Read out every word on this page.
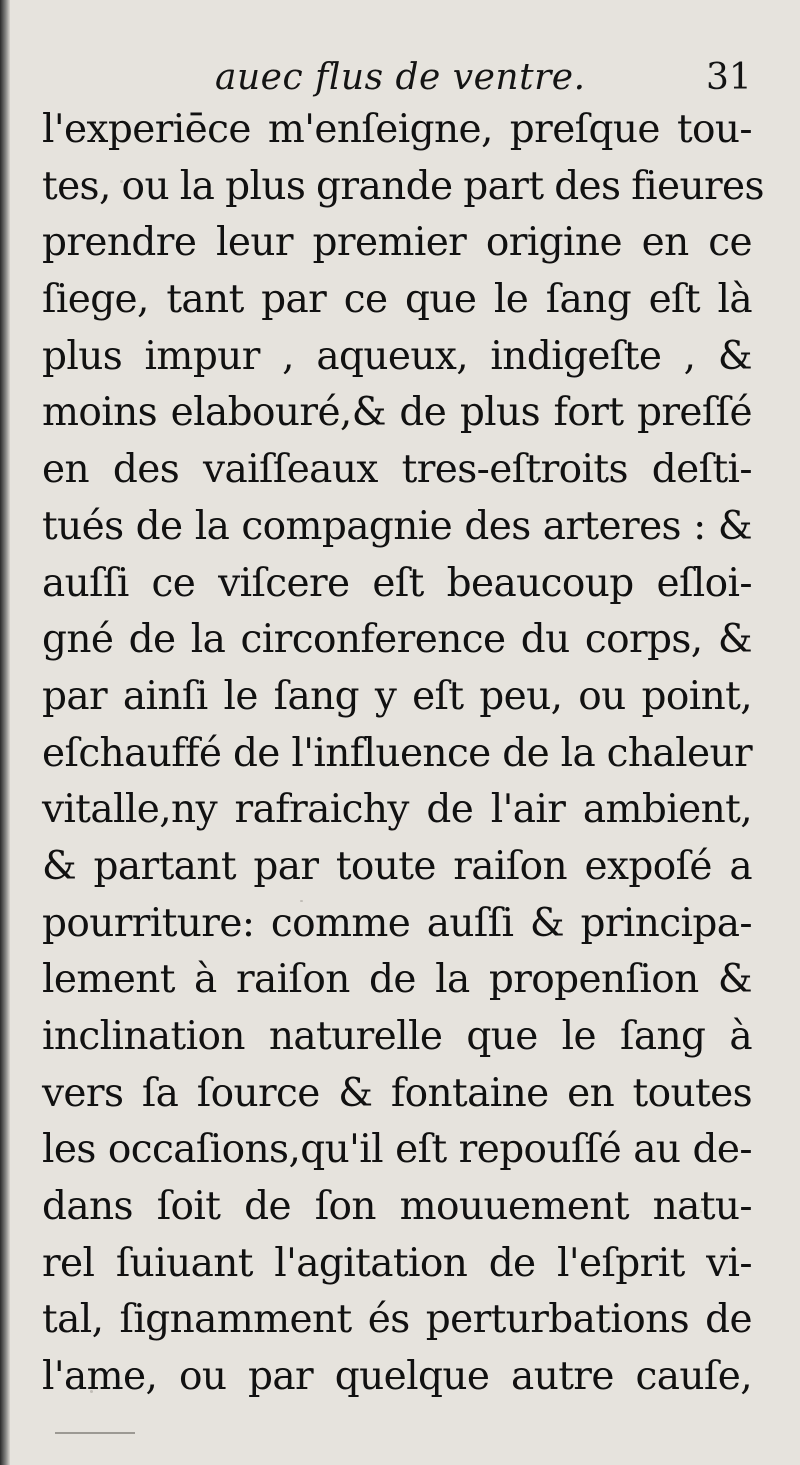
auec flus de ventre.	31
l'experiēce m'enſeigne, preſque tou-
tes, ou la plus grande part des fieures
prendre leur premier origine en ce
ſiege, tant par ce que le ſang eſt là
plus impur , aqueux, indigeſte , &
moins elabouré,& de plus fort preſſé
en des vaiſſeaux tres-eſtroits deſti-
tués de la compagnie des arteres : &
auſſi ce viſcere eſt beaucoup eſloi-
gné de la circonference du corps, &
par ainſi le ſang y eſt peu, ou point,
eſchauffé de l'influence de la chaleur
vitalle,ny rafraichy de l'air ambient,
& partant par toute raiſon expoſé a
pourriture: comme auſſi & principa-
lement à raiſon de la propenſion &
inclination naturelle que le ſang à
vers ſa ſource & fontaine en toutes
les occaſions,qu'il eſt repouſſé au de-
dans ſoit de ſon mouuement natu-
rel ſuiuant l'agitation de l'eſprit vi-
tal, ſignamment és perturbations de
l'ame, ou par quelque autre cauſe,
